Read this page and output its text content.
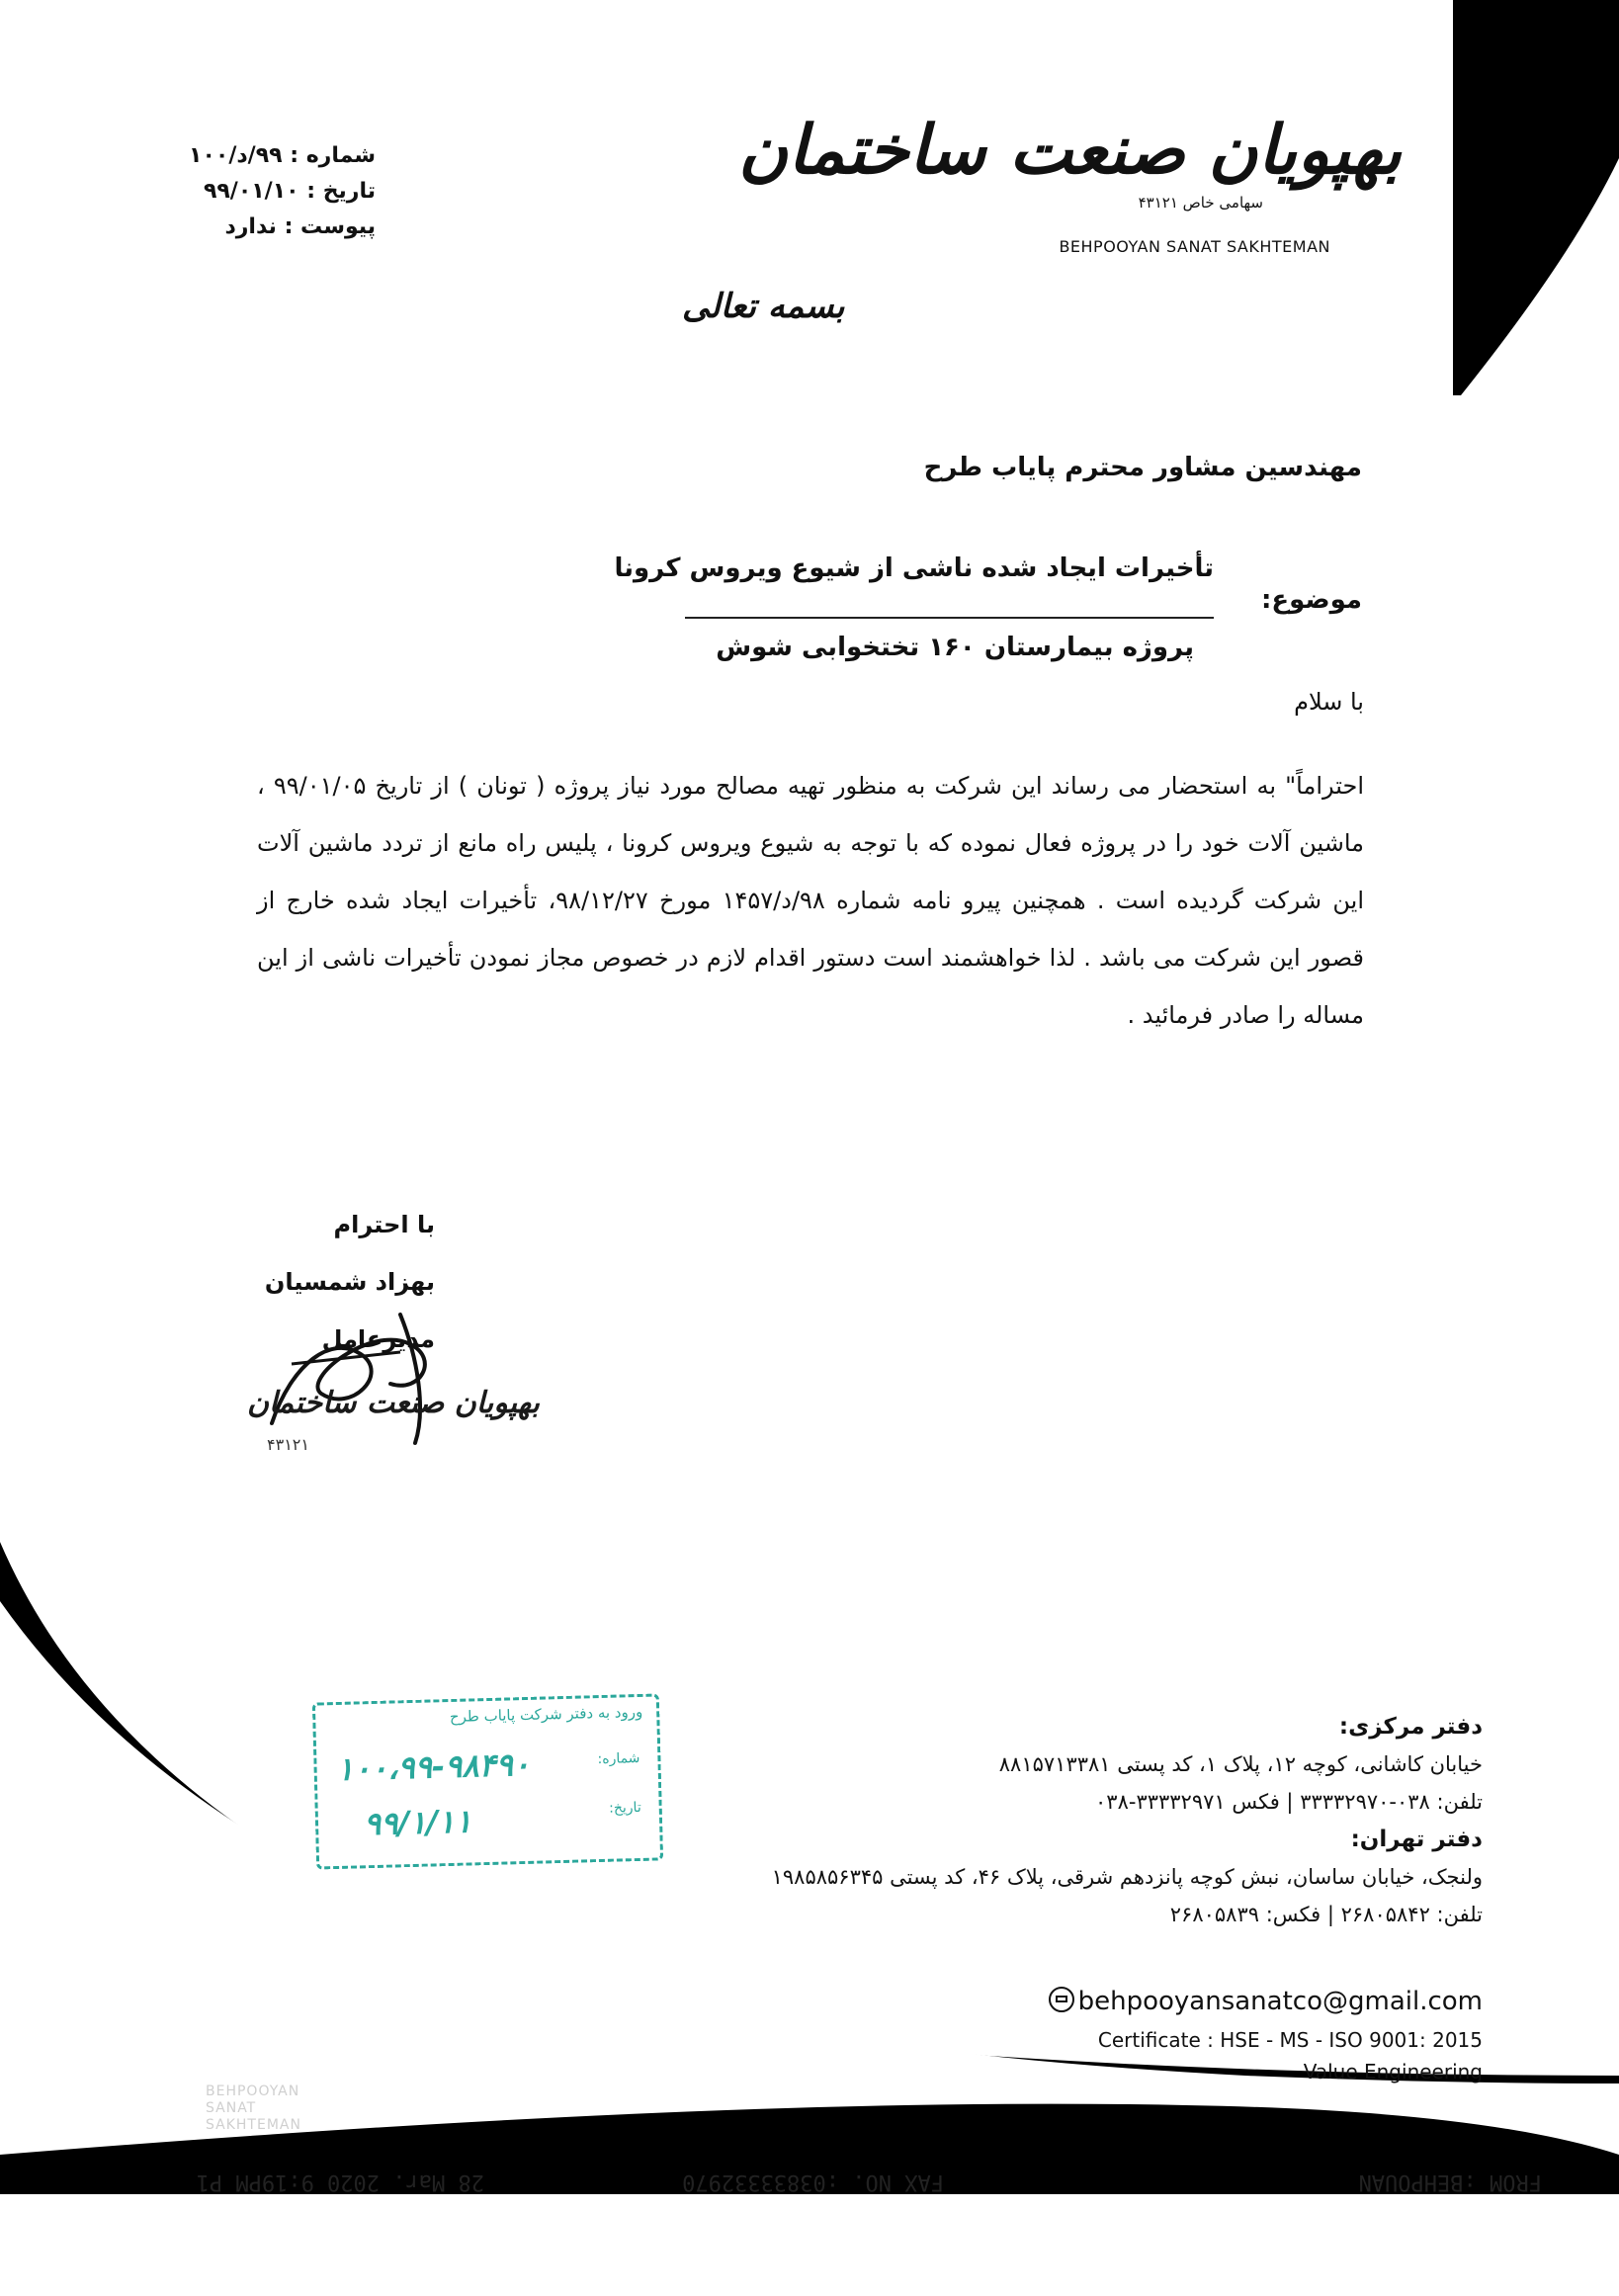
بهپویان صنعت ساختمان
سهامی خاص ۴۳۱۲۱
BEHPOOYAN SANAT SAKHTEMAN
شماره : ۹۹/د/۱۰۰
تاریخ : ۹۹/۰۱/۱۰
پیوست : ندارد
بسمه تعالی
مهندسین مشاور محترم پایاب طرح
موضوع:
تأخیرات ایجاد شده ناشی از شیوع ویروس کرونا
پروژه بیمارستان ۱۶۰ تختخوابی شوش
با سلام
احتراماً" به استحضار می رساند این شرکت به منظور تهیه مصالح مورد نیاز پروژه ( تونان ) از تاریخ ۹۹/۰۱/۰۵ ، ماشین آلات خود را در پروژه فعال نموده که با توجه به شیوع ویروس کرونا ، پلیس راه مانع از تردد ماشین آلات این شرکت گردیده است . همچنین پیرو نامه شماره ۹۸/د/۱۴۵۷ مورخ ۹۸/۱۲/۲۷، تأخیرات ایجاد شده خارج از قصور این شرکت می باشد . لذا خواهشمند است دستور اقدام لازم در خصوص مجاز نمودن تأخیرات ناشی از این مساله را صادر فرمائید .
با احترام
بهزاد شمسیان
مدیرعامل
بهپویان صنعت ساختمان
۴۳۱۲۱
دفتر مرکزی:
خیابان کاشانی، کوچه ۱۲، پلاک ۱، کد پستی ۸۸۱۵۷۱۳۳۸۱
تلفن: ۰۳۸-۳۳۳۳۲۹۷۰ | فکس ۳۳۳۳۲۹۷۱-۰۳۸
دفتر تهران:
ولنجک، خیابان ساسان، نبش کوچه پانزدهم شرقی، پلاک ۴۶، کد پستی ۱۹۸۵۸۵۶۳۴۵
تلفن: ۲۶۸۰۵۸۴۲ | فکس: ۲۶۸۰۵۸۳۹
ورود به دفتر شرکت پایاب طرح
شماره:
تاریخ:
۱۰۰،۹۹-۹۸۴۹۰
۹۹/۱/۱۱
behpooyansanatco@gmail.com
Certificate : HSE - MS - ISO 9001: 2015
Value Engineering
BEHPOOYAN
SANAT
SAKHTEMAN
FROM :BEHPOUAN
FAX NO. :03833332970
28 Mar. 2020 9:19PM P1
